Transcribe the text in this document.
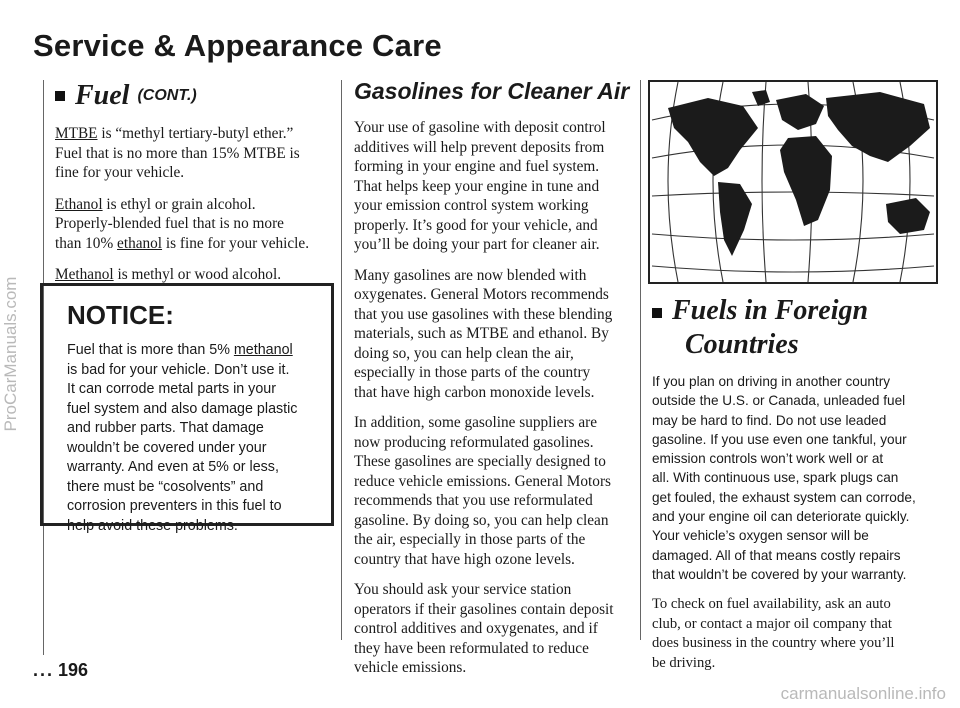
ProCarManuals.com
carmanualsonline.info
Service & Appearance Care
Fuel (CONT.)

MTBE is “methyl tertiary-butyl ether.”
Fuel that is no more than 15% MTBE is
fine for your vehicle.

Ethanol is ethyl or grain alcohol.
Properly-blended fuel that is no more
than 10% ethanol is fine for your vehicle.

Methanol is methyl or wood alcohol.

NOTICE:

Fuel that is more than 5% methanol
is bad for your vehicle. Don’t use it.
It can corrode metal parts in your
fuel system and also damage plastic
and rubber parts. That damage
wouldn’t be covered under your
warranty. And even at 5% or less,
there must be “cosolvents” and
corrosion preventers in this fuel to
help avoid these problems.

Gasolines for Cleaner Air

Your use of gasoline with deposit control
additives will help prevent deposits from
forming in your engine and fuel system.
That helps keep your engine in tune and
your emission control system working
properly. It’s good for your vehicle, and
you’ll be doing your part for cleaner air.

Many gasolines are now blended with
oxygenates. General Motors recommends
that you use gasolines with these blending
materials, such as MTBE and ethanol. By
doing so, you can help clean the air,
especially in those parts of the country
that have high carbon monoxide levels.

In addition, some gasoline suppliers are
now producing reformulated gasolines.
These gasolines are specially designed to
reduce vehicle emissions. General Motors
recommends that you use reformulated
gasoline. By doing so, you can help clean
the air, especially in those parts of the
country that have high ozone levels.

You should ask your service station
operators if their gasolines contain deposit
control additives and oxygenates, and if
they have been reformulated to reduce
vehicle emissions.

Fuels in Foreign
Countries

If you plan on driving in another country
outside the U.S. or Canada, unleaded fuel
may be hard to find. Do not use leaded
gasoline. If you use even one tankful, your
emission controls won’t work well or at
all. With continuous use, spark plugs can
get fouled, the exhaust system can corrode,
and your engine oil can deteriorate quickly.
Your vehicle’s oxygen sensor will be
damaged. All of that means costly repairs
that wouldn’t be covered by your warranty.

To check on fuel availability, ask an auto
club, or contact a major oil company that
does business in the country where you’ll
be driving.

... 196
